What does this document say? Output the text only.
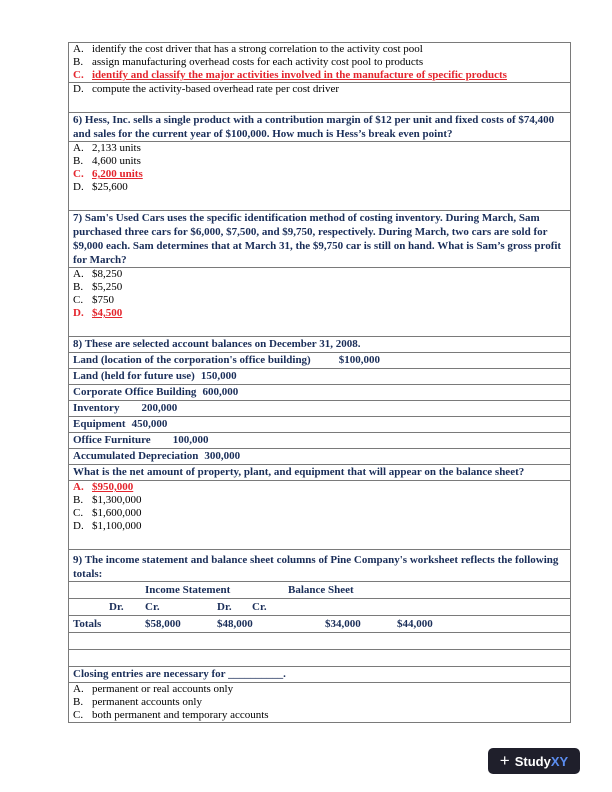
A. identify the cost driver that has a strong correlation to the activity cost pool
B. assign manufacturing overhead costs for each activity cost pool to products
C. identify and classify the major activities involved in the manufacture of specific products
D. compute the activity-based overhead rate per cost driver
6) Hess, Inc. sells a single product with a contribution margin of $12 per unit and fixed costs of $74,400 and sales for the current year of $100,000. How much is Hess’s break even point?
A. 2,133 units
B. 4,600 units
C. 6,200 units
D. $25,600
7) Sam's Used Cars uses the specific identification method of costing inventory. During March, Sam purchased three cars for $6,000, $7,500, and $9,750, respectively. During March, two cars are sold for $9,000 each. Sam determines that at March 31, the $9,750 car is still on hand. What is Sam’s gross profit for March?
A. $8,250
B. $5,250
C. $750
D. $4,500
8) These are selected account balances on December 31, 2008.
Land (location of the corporation's office building)	$100,000
Land (held for future use) 150,000
Corporate Office Building 600,000
Inventory 200,000
Equipment 450,000
Office Furniture 100,000
Accumulated Depreciation 300,000
What is the net amount of property, plant, and equipment that will appear on the balance sheet?
A. $950,000
B. $1,300,000
C. $1,600,000
D. $1,100,000
9) The income statement and balance sheet columns of Pine Company's worksheet reflects the following totals:
Income Statement	Balance Sheet
Dr. Cr.	Dr. Cr.
Totals	$58,000	$48,000	$34,000	$44,000
Closing entries are necessary for __________.
A. permanent or real accounts only
B. permanent accounts only
C. both permanent and temporary accounts
+ Study XY
